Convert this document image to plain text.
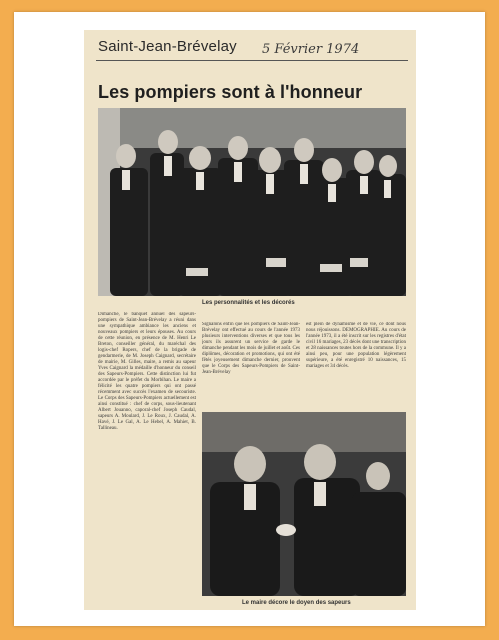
Saint-Jean-Brévelay 5 Février 1974
Les pompiers sont à l'honneur
Les personnalités et les décorés

Dimanche, le banquet annuel des sapeurs-pompiers de Saint-Jean-Brévelay a réuni dans une sympathique ambiance les anciens et nouveaux pompiers et leurs épouses. Au cours de cette réunion, en présence de M. Henri Le Breton, conseiller général, du maréchal des logis-chef Ropers, chef de la brigade de gendarmerie, de M. Joseph Caignard, secrétaire de mairie, M. Gilles, maire, a remis au sapeur Yves Caignard la médaille d'honneur du conseil des Sapeurs-Pompiers. Cette distinction lui fut accordée par le préfet du Morbihan. Le maire a félicité les quatre pompiers qui ont passé récemment avec succès l'examen de secouriste. Le Corps des Sapeurs-Pompiers actuellement est ainsi constitué : chef de corps, sous-lieutenant Albert Jouanno, caporal-chef Joseph Caudal, sapeurs A. Moulard, J. Le Roux, J. Caudal, A. Havé, J. Le Gal, A. Le Hebel, A. Mahiet, B. Tallineau.

Signalons enfin que les pompiers de Saint-Jean-Brévelay ont effectué au cours de l'année 1973 plusieurs interventions diverses et que tous les jours ils assurent un service de garde le dimanche pendant les mois de juillet et août. Ces diplômes, décoration et promotions, qui ont été fêtés joyeusement dimanche dernier, prouvent que le Corps des Sapeurs-Pompiers de Saint-Jean-Brévelay

est plein de dynamisme et de vie, ce dont nous nous réjouissons. DEMOGRAPHIE. Au cours de l'année 1973, il a été inscrit sur les registres d'état civil 16 mariages, 23 décès dont une transcription et 28 naissances toutes hors de la commune. Il y a ainsi peu, pour une population légèrement supérieure, a été enregistré 10 naissances, 15 mariages et 34 décès.

Le maire décore le doyen des sapeurs
